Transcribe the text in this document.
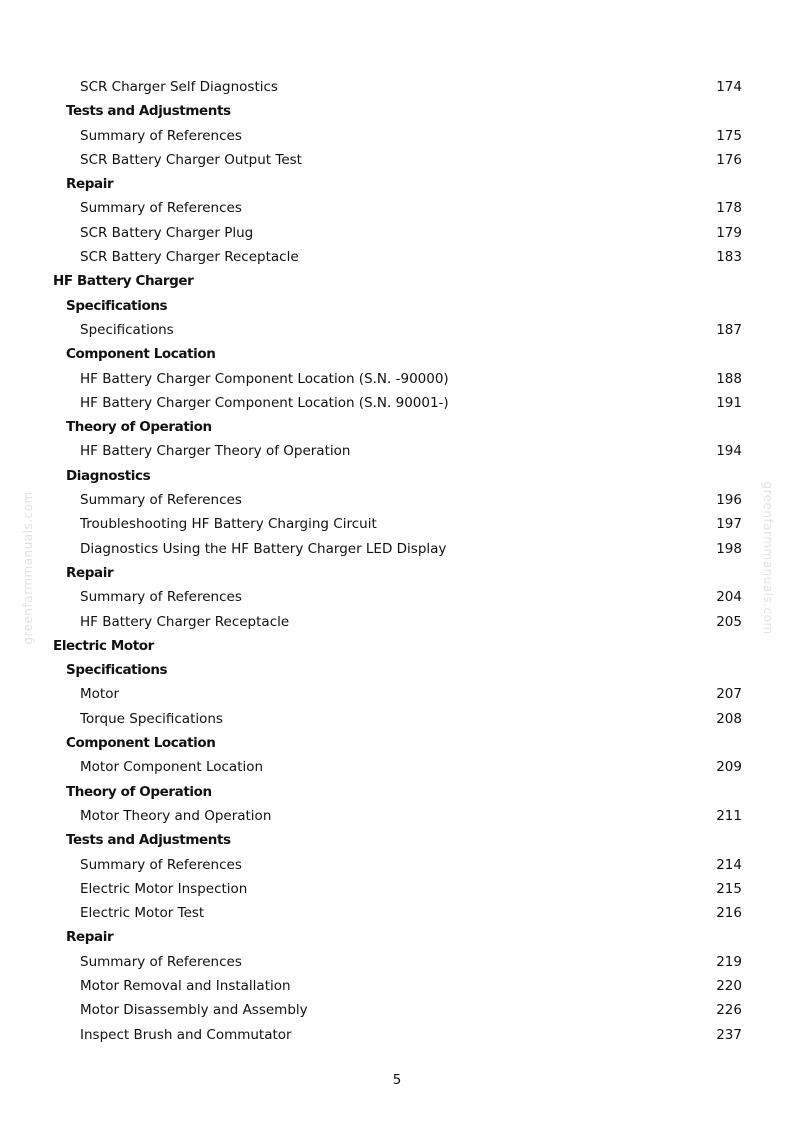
SCR Charger Self Diagnostics	174
Tests and Adjustments
Summary of References	175
SCR Battery Charger Output Test	176
Repair
Summary of References	178
SCR Battery Charger Plug	179
SCR Battery Charger Receptacle	183
HF Battery Charger
Specifications
Specifications	187
Component Location
HF Battery Charger Component Location (S.N. -90000)	188
HF Battery Charger Component Location (S.N. 90001-)	191
Theory of Operation
HF Battery Charger Theory of Operation	194
Diagnostics
Summary of References	196
Troubleshooting HF Battery Charging Circuit	197
Diagnostics Using the HF Battery Charger LED Display	198
Repair
Summary of References	204
HF Battery Charger Receptacle	205
Electric Motor
Specifications
Motor	207
Torque Specifications	208
Component Location
Motor Component Location	209
Theory of Operation
Motor Theory and Operation	211
Tests and Adjustments
Summary of References	214
Electric Motor Inspection	215
Electric Motor Test	216
Repair
Summary of References	219
Motor Removal and Installation	220
Motor Disassembly and Assembly	226
Inspect Brush and Commutator	237
greenfarmmanuals.com	greenfarmmanuals.com
5
